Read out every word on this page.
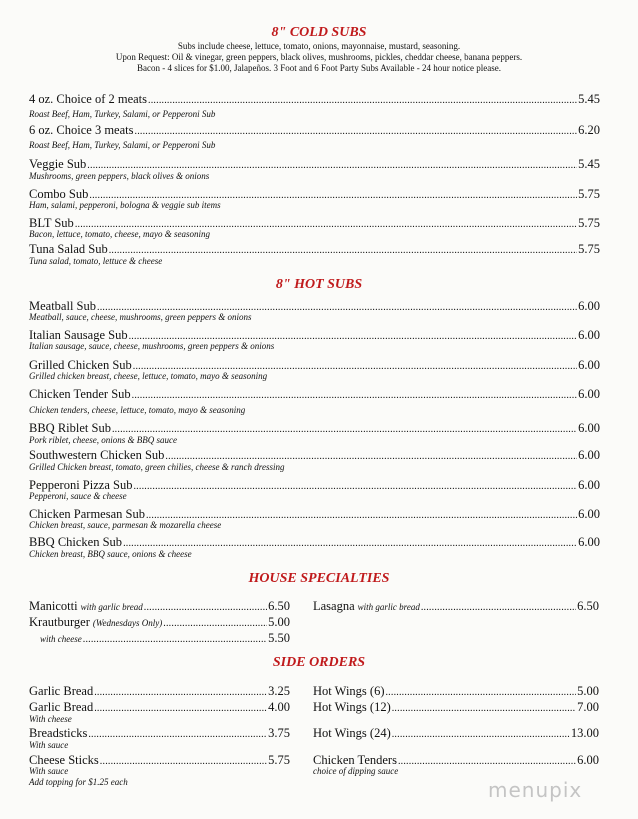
8" COLD SUBS
Subs include cheese, lettuce, tomato, onions, mayonnaise, mustard, seasoning.
Upon Request: Oil & vinegar, green peppers, black olives, mushrooms, pickles, cheddar cheese, banana peppers.
Bacon - 4 slices for $1.00, Jalapeños. 3 Foot and 6 Foot Party Subs Available - 24 hour notice please.
4 oz. Choice of 2 meats .....	5.45
Roast Beef, Ham, Turkey, Salami, or Pepperoni Sub
6 oz. Choice 3 meats .....	6.20
Roast Beef, Ham, Turkey, Salami, or Pepperoni Sub
Veggie Sub .....	5.45
Mushrooms, green peppers, black olives & onions
Combo Sub .....	5.75
Ham, salami, pepperoni, bologna & veggie sub items
BLT Sub .....	5.75
Bacon, lettuce, tomato, cheese, mayo & seasoning
Tuna Salad Sub .....	5.75
Tuna salad, tomato, lettuce & cheese
8" HOT SUBS
Meatball Sub .....	6.00
Meatball, sauce, cheese, mushrooms, green peppers & onions
Italian Sausage Sub .....	6.00
Italian sausage, sauce, cheese, mushrooms, green peppers & onions
Grilled Chicken Sub .....	6.00
Grilled chicken breast, cheese, lettuce, tomato, mayo & seasoning
Chicken Tender Sub .....	6.00
Chicken tenders, cheese, lettuce, tomato, mayo & seasoning
BBQ Riblet Sub .....	6.00
Pork riblet, cheese, onions & BBQ sauce
Southwestern Chicken Sub .....	6.00
Grilled Chicken breast, tomato, green chilies, cheese & ranch dressing
Pepperoni Pizza Sub .....	6.00
Pepperoni, sauce & cheese
Chicken Parmesan Sub .....	6.00
Chicken breast, sauce, parmesan & mozarella cheese
BBQ Chicken Sub .....	6.00
Chicken breast, BBQ sauce, onions & cheese
HOUSE SPECIALTIES
Manicotti with garlic bread .....	6.50
Krautburger (Wednesdays Only) .....	5.00
with cheese .....	5.50
Lasagna with garlic bread .....	6.50
SIDE ORDERS
Garlic Bread .....	3.25
Garlic Bread .....	4.00
With cheese
Breadsticks .....	3.75
With sauce
Cheese Sticks .....	5.75
With sauce
Add topping for $1.25 each
Hot Wings (6) .....	5.00
Hot Wings (12) .....	7.00
Hot Wings (24) .....	13.00
Chicken Tenders .....	6.00
choice of dipping sauce
menupix
